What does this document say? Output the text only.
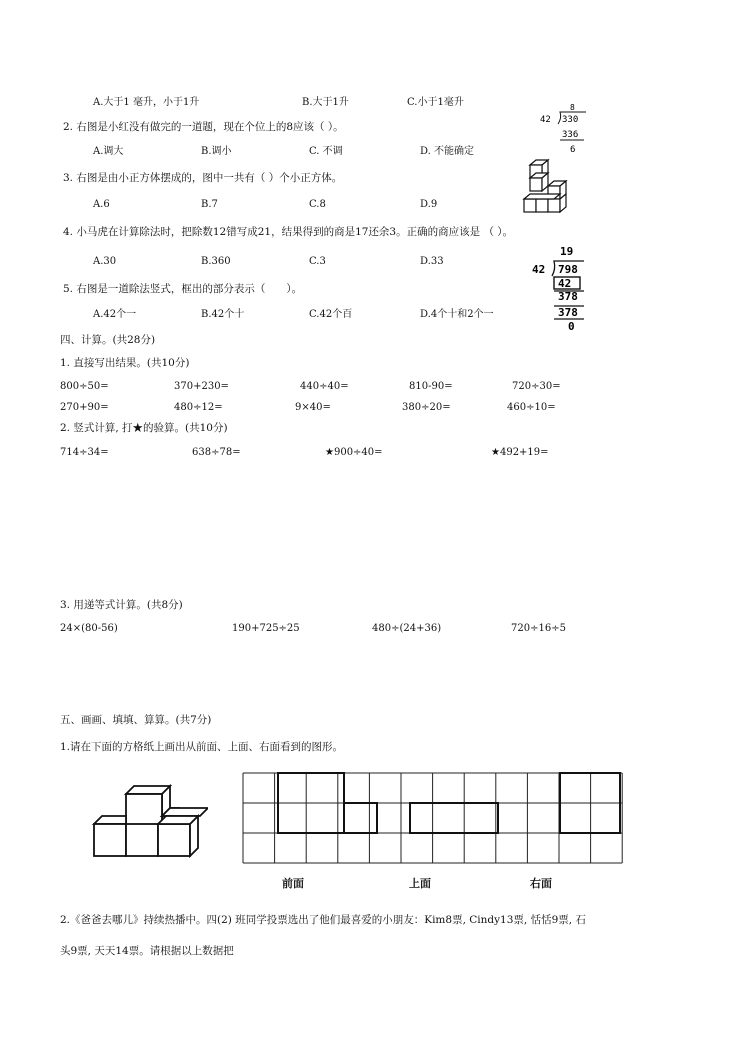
A.大于1 毫升，小于1升	B.大于1升	C.小于1毫升
2. 右图是小红没有做完的一道题，现在个位上的8应该（ ）。
A.调大	B.调小	C. 不调	D. 不能确定
8
42 330
336
6
3. 右图是由小正方体摆成的，图中一共有（ ）个小正方体。
A.6	B.7	C.8	D.9
4. 小马虎在计算除法时，把除数12错写成21，结果得到的商是17还余3。正确的商应该是 （ ）。
A.30	B.360	C.3	D.33
19
42 798
42
378
378
0
5. 右图是一道除法竖式，框出的部分表示（　　）。
A.42个一	B.42个十	C.42个百	D.4个十和2个一
四、计算。(共28分)
1. 直接写出结果。(共10分)
800÷50=	370+230=	440÷40=	810-90=	720÷30=
270+90=	480÷12=	9×40=	380÷20=	460÷10=
2. 竖式计算, 打★的验算。(共10分)
714÷34=	638÷78=	★900÷40=	★492+19=
3. 用递等式计算。(共8分)
24×(80-56)	190+725÷25	480÷(24+36)	720÷16÷5
五、画画、填填、算算。(共7分)
1.请在下面的方格纸上画出从前面、上面、右面看到的图形。
前面	上面	右面
2.《爸爸去哪儿》持续热播中。四(2) 班同学投票选出了他们最喜爱的小朋友：Kim8票, Cindy13票, 恬恬9票, 石
头9票, 天天14票。请根据以上数据把
